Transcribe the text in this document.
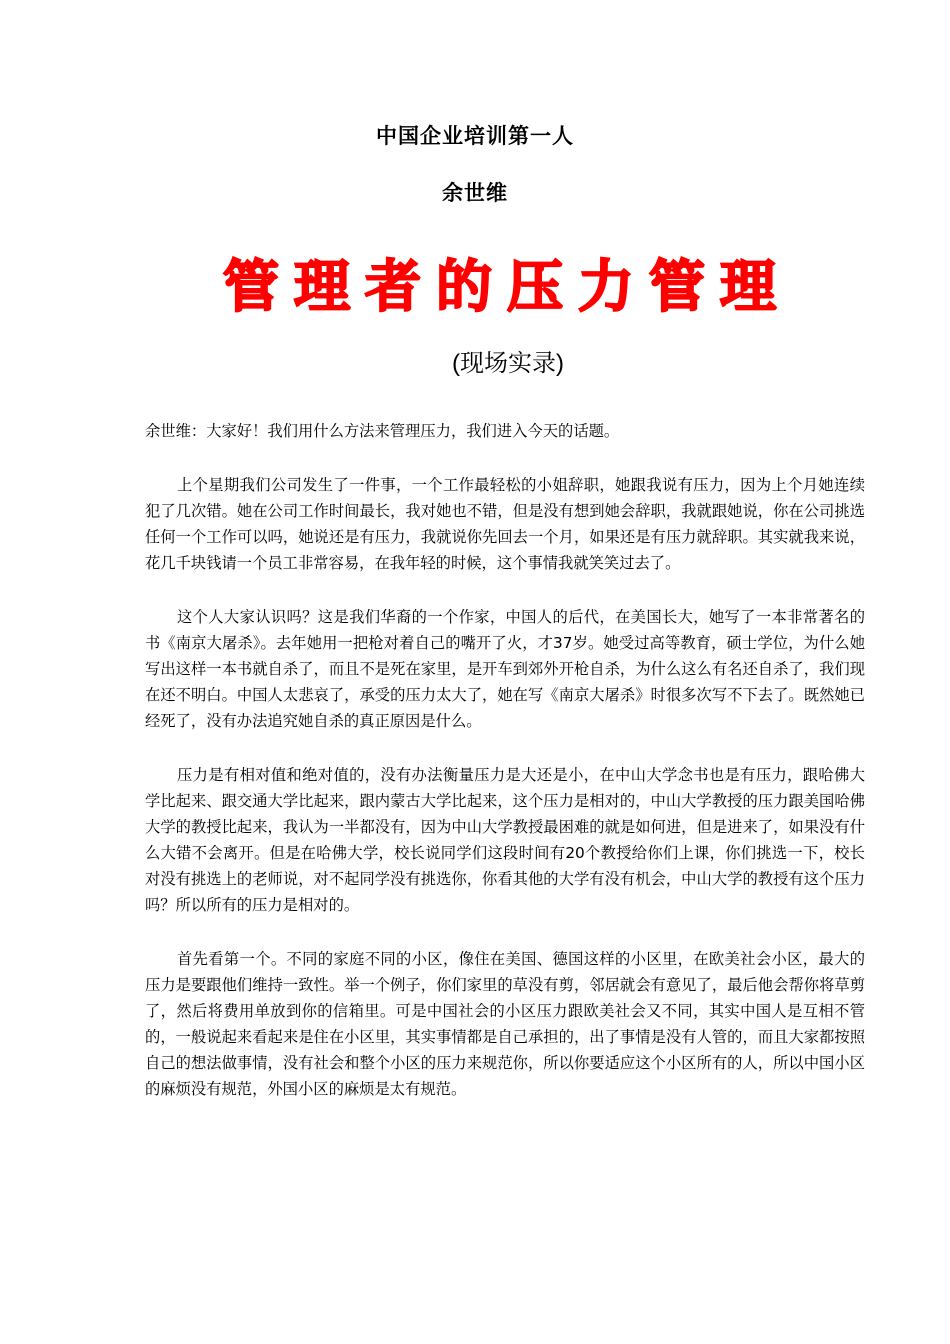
中国企业培训第一人
余世维
管理者的压力管理
(现场实录)

余世维：大家好！我们用什么方法来管理压力，我们进入今天的话题。

上个星期我们公司发生了一件事，一个工作最轻松的小姐辞职，她跟我说有压力，因为上个月她连续犯了几次错。她在公司工作时间最长，我对她也不错，但是没有想到她会辞职，我就跟她说，你在公司挑选任何一个工作可以吗，她说还是有压力，我就说你先回去一个月，如果还是有压力就辞职。其实就我来说，花几千块钱请一个员工非常容易，在我年轻的时候，这个事情我就笑笑过去了。

这个人大家认识吗？这是我们华裔的一个作家，中国人的后代，在美国长大，她写了一本非常著名的书《南京大屠杀》。去年她用一把枪对着自己的嘴开了火，才37岁。她受过高等教育，硕士学位，为什么她写出这样一本书就自杀了，而且不是死在家里，是开车到郊外开枪自杀，为什么这么有名还自杀了，我们现在还不明白。中国人太悲哀了，承受的压力太大了，她在写《南京大屠杀》时很多次写不下去了。既然她已经死了，没有办法追究她自杀的真正原因是什么。

压力是有相对值和绝对值的，没有办法衡量压力是大还是小，在中山大学念书也是有压力，跟哈佛大学比起来、跟交通大学比起来，跟内蒙古大学比起来，这个压力是相对的，中山大学教授的压力跟美国哈佛大学的教授比起来，我认为一半都没有，因为中山大学教授最困难的就是如何进，但是进来了，如果没有什么大错不会离开。但是在哈佛大学，校长说同学们这段时间有20个教授给你们上课，你们挑选一下，校长对没有挑选上的老师说，对不起同学没有挑选你，你看其他的大学有没有机会，中山大学的教授有这个压力吗？所以所有的压力是相对的。

首先看第一个。不同的家庭不同的小区，像住在美国、德国这样的小区里，在欧美社会小区，最大的压力是要跟他们维持一致性。举一个例子，你们家里的草没有剪，邻居就会有意见了，最后他会帮你将草剪了，然后将费用单放到你的信箱里。可是中国社会的小区压力跟欧美社会又不同，其实中国人是互相不管的，一般说起来看起来是住在小区里，其实事情都是自己承担的，出了事情是没有人管的，而且大家都按照自己的想法做事情，没有社会和整个小区的压力来规范你，所以你要适应这个小区所有的人，所以中国小区的麻烦没有规范，外国小区的麻烦是太有规范。
